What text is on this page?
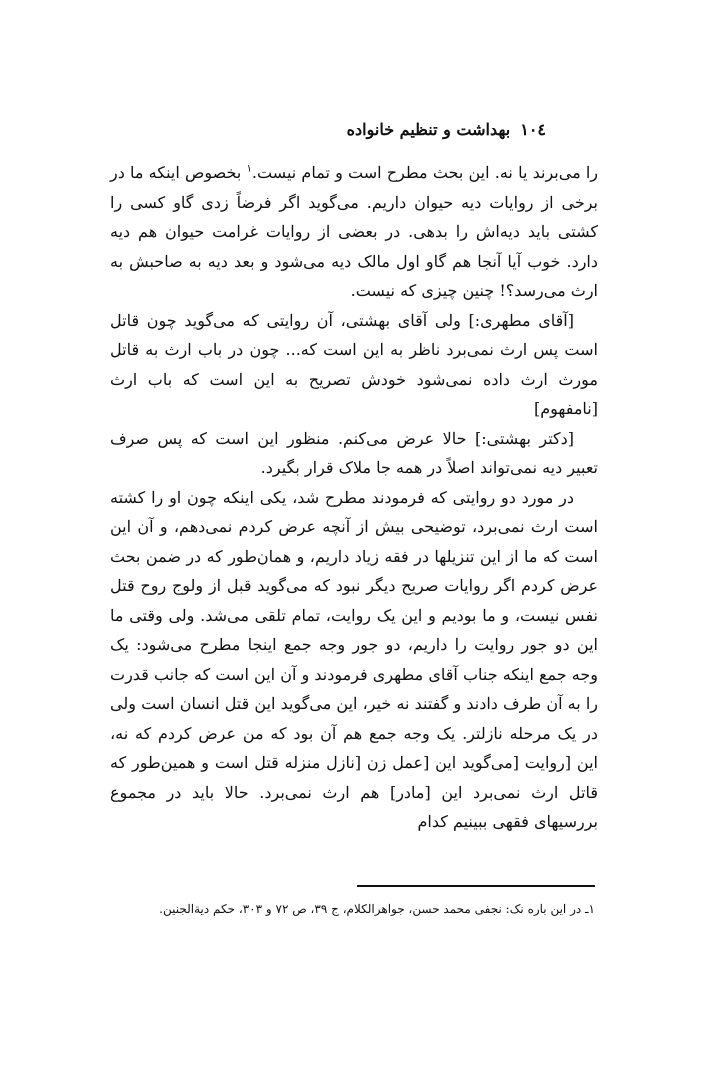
١٠٤
بهداشت و تنظیم خانواده

را می‌برند یا نه. این بحث مطرح است و تمام نیست.$^١$ بخصوص اینکه ما در برخی از روایات دیه حیوان داریم. می‌گوید اگر فرضاً زدی گاو کسی را کشتی باید دیه‌اش را بدهی. در بعضی از روایات غرامت حیوان هم دیه دارد. خوب آیا آنجا هم گاو اول مالک دیه می‌شود و بعد دیه به صاحبش به ارث می‌رسد؟! چنین چیزی که نیست.

[آقای مطهری:] ولی آقای بهشتی، آن روایتی که می‌گوید چون قاتل است پس ارث نمی‌برد ناظر به این است که... چون در باب ارث به قاتل مورث ارث داده نمی‌شود خودش تصریح به این است که باب ارث [نامفهوم]

[دکتر بهشتی:] حالا عرض می‌کنم. منظور این است که پس صرف تعبیر دیه نمی‌تواند اصلاً در همه جا ملاک قرار بگیرد.

در مورد دو روایتی که فرمودند مطرح شد، یکی اینکه چون او را کشته است ارث نمی‌برد، توضیحی بیش از آنچه عرض کردم نمی‌دهم، و آن این است که ما از این تنزیلها در فقه زیاد داریم، و همان‌طور که در ضمن بحث عرض کردم اگر روایات صریح دیگر نبود که می‌گوید قبل از ولوج روح قتل نفس نیست، و ما بودیم و این یک روایت، تمام تلقی می‌شد. ولی وقتی ما این دو جور روایت را داریم، دو جور وجه جمع اینجا مطرح می‌شود: یک وجه جمع اینکه جناب آقای مطهری فرمودند و آن این است که جانب قدرت را به آن طرف دادند و گفتند نه خیر، این می‌گوید این قتل انسان است ولی در یک مرحله نازلتر. یک وجه جمع هم آن بود که من عرض کردم که نه، این [روایت [می‌گوید این [عمل زن [نازل منزله قتل است و همین‌طور که قاتل ارث نمی‌برد این [مادر] هم ارث نمی‌برد. حالا باید در مجموع بررسیهای فقهی ببینیم کدام

١ـ در این باره نک: نجفی محمد حسن، جواهرالکلام، ج ٣٩، ص ٧٢ و ٣٠٣، حکم دیةالجنین.
